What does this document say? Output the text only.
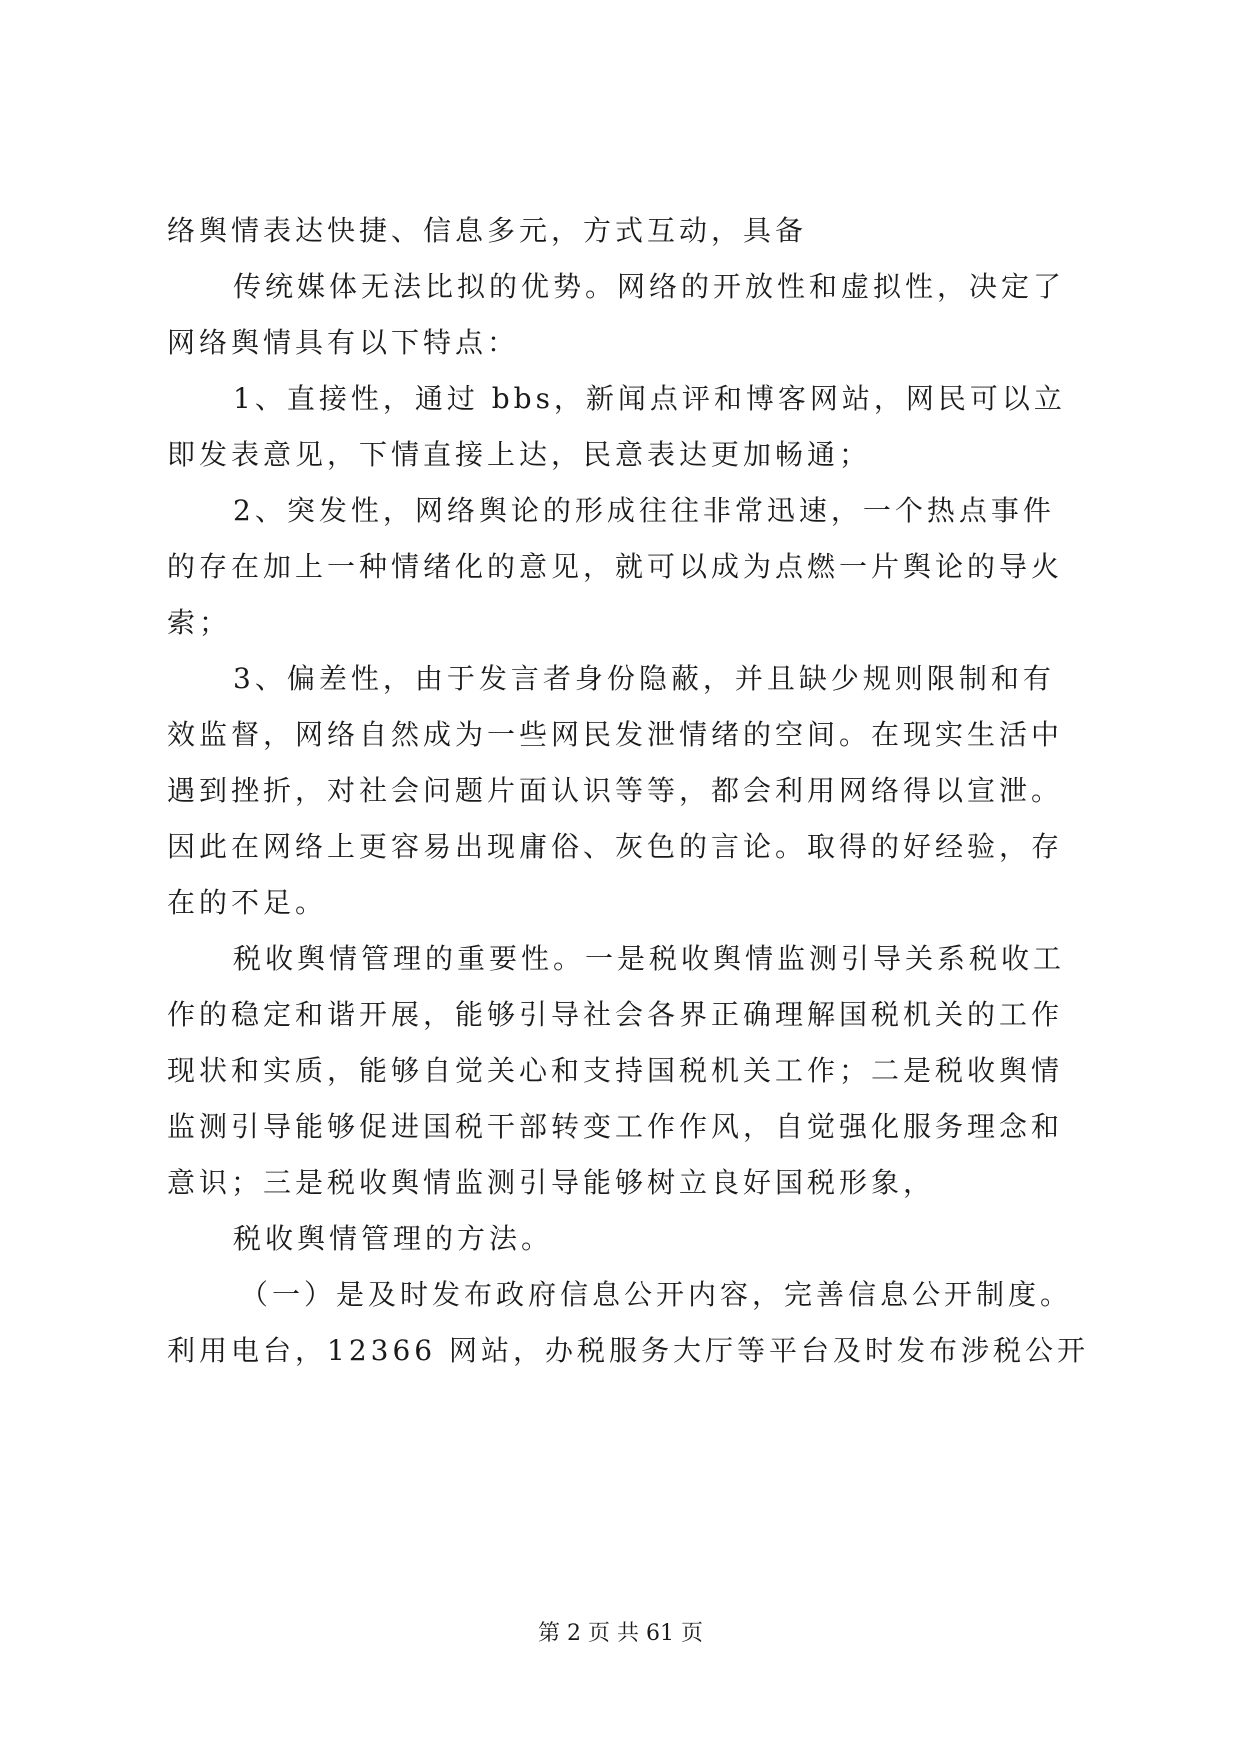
络舆情表达快捷、信息多元，方式互动，具备
传统媒体无法比拟的优势。网络的开放性和虚拟性，决定了
网络舆情具有以下特点：
1、直接性，通过 bbs，新闻点评和博客网站，网民可以立
即发表意见，下情直接上达，民意表达更加畅通；
2、突发性，网络舆论的形成往往非常迅速，一个热点事件
的存在加上一种情绪化的意见，就可以成为点燃一片舆论的导火
索；
3、偏差性，由于发言者身份隐蔽，并且缺少规则限制和有
效监督，网络自然成为一些网民发泄情绪的空间。在现实生活中
遇到挫折，对社会问题片面认识等等，都会利用网络得以宣泄。
因此在网络上更容易出现庸俗、灰色的言论。取得的好经验，存
在的不足。
税收舆情管理的重要性。一是税收舆情监测引导关系税收工
作的稳定和谐开展，能够引导社会各界正确理解国税机关的工作
现状和实质，能够自觉关心和支持国税机关工作；二是税收舆情
监测引导能够促进国税干部转变工作作风，自觉强化服务理念和
意识；三是税收舆情监测引导能够树立良好国税形象，
税收舆情管理的方法。
（一）是及时发布政府信息公开内容，完善信息公开制度。
利用电台，12366 网站，办税服务大厅等平台及时发布涉税公开
第 2 页 共 61 页
